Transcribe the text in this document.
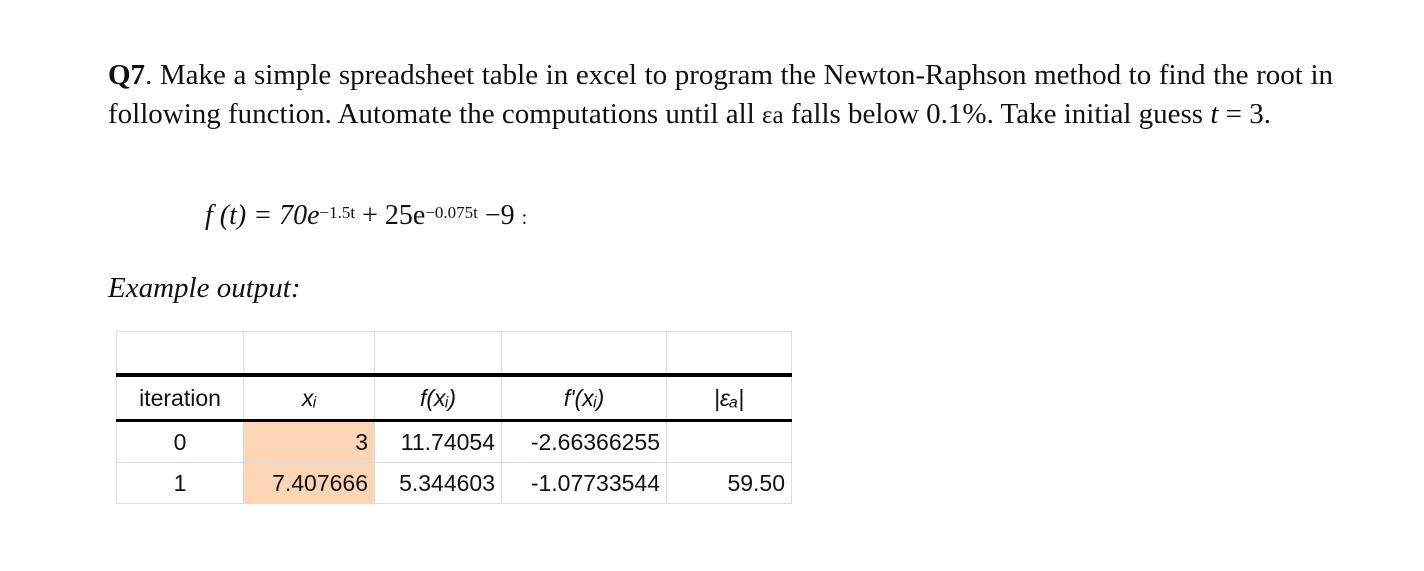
Q7. Make a simple spreadsheet table in excel to program the Newton-Raphson method to find the root in following function. Automate the computations until all εa falls below 0.1%. Take initial guess t = 3.
f $(t) = 70e^{-1.5t} + 25e^{-0.075t} -9$ :
Example output:

iteration	xᵢ	f(xᵢ)	f'(xᵢ)	|εₐ|
0	3	11.74054	-2.66366255	
1	7.407666	5.344603	-1.07733544	59.50
